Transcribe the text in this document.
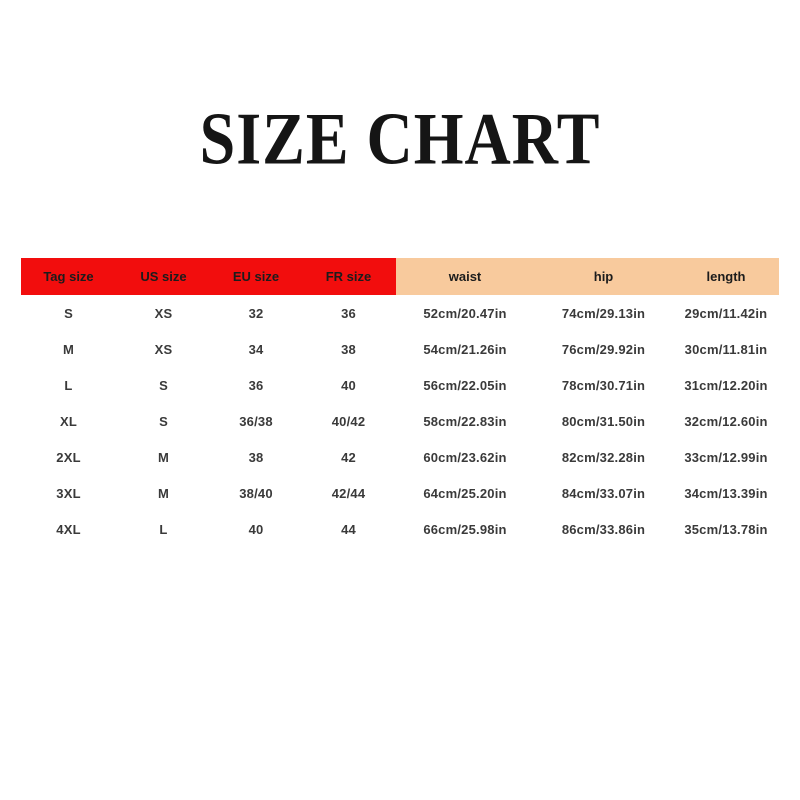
SIZE CHART
Tag size	US size	EU size	FR size	waist	hip	length
S	XS	32	36	52cm/20.47in	74cm/29.13in	29cm/11.42in
M	XS	34	38	54cm/21.26in	76cm/29.92in	30cm/11.81in
L	S	36	40	56cm/22.05in	78cm/30.71in	31cm/12.20in
XL	S	36/38	40/42	58cm/22.83in	80cm/31.50in	32cm/12.60in
2XL	M	38	42	60cm/23.62in	82cm/32.28in	33cm/12.99in
3XL	M	38/40	42/44	64cm/25.20in	84cm/33.07in	34cm/13.39in
4XL	L	40	44	66cm/25.98in	86cm/33.86in	35cm/13.78in
